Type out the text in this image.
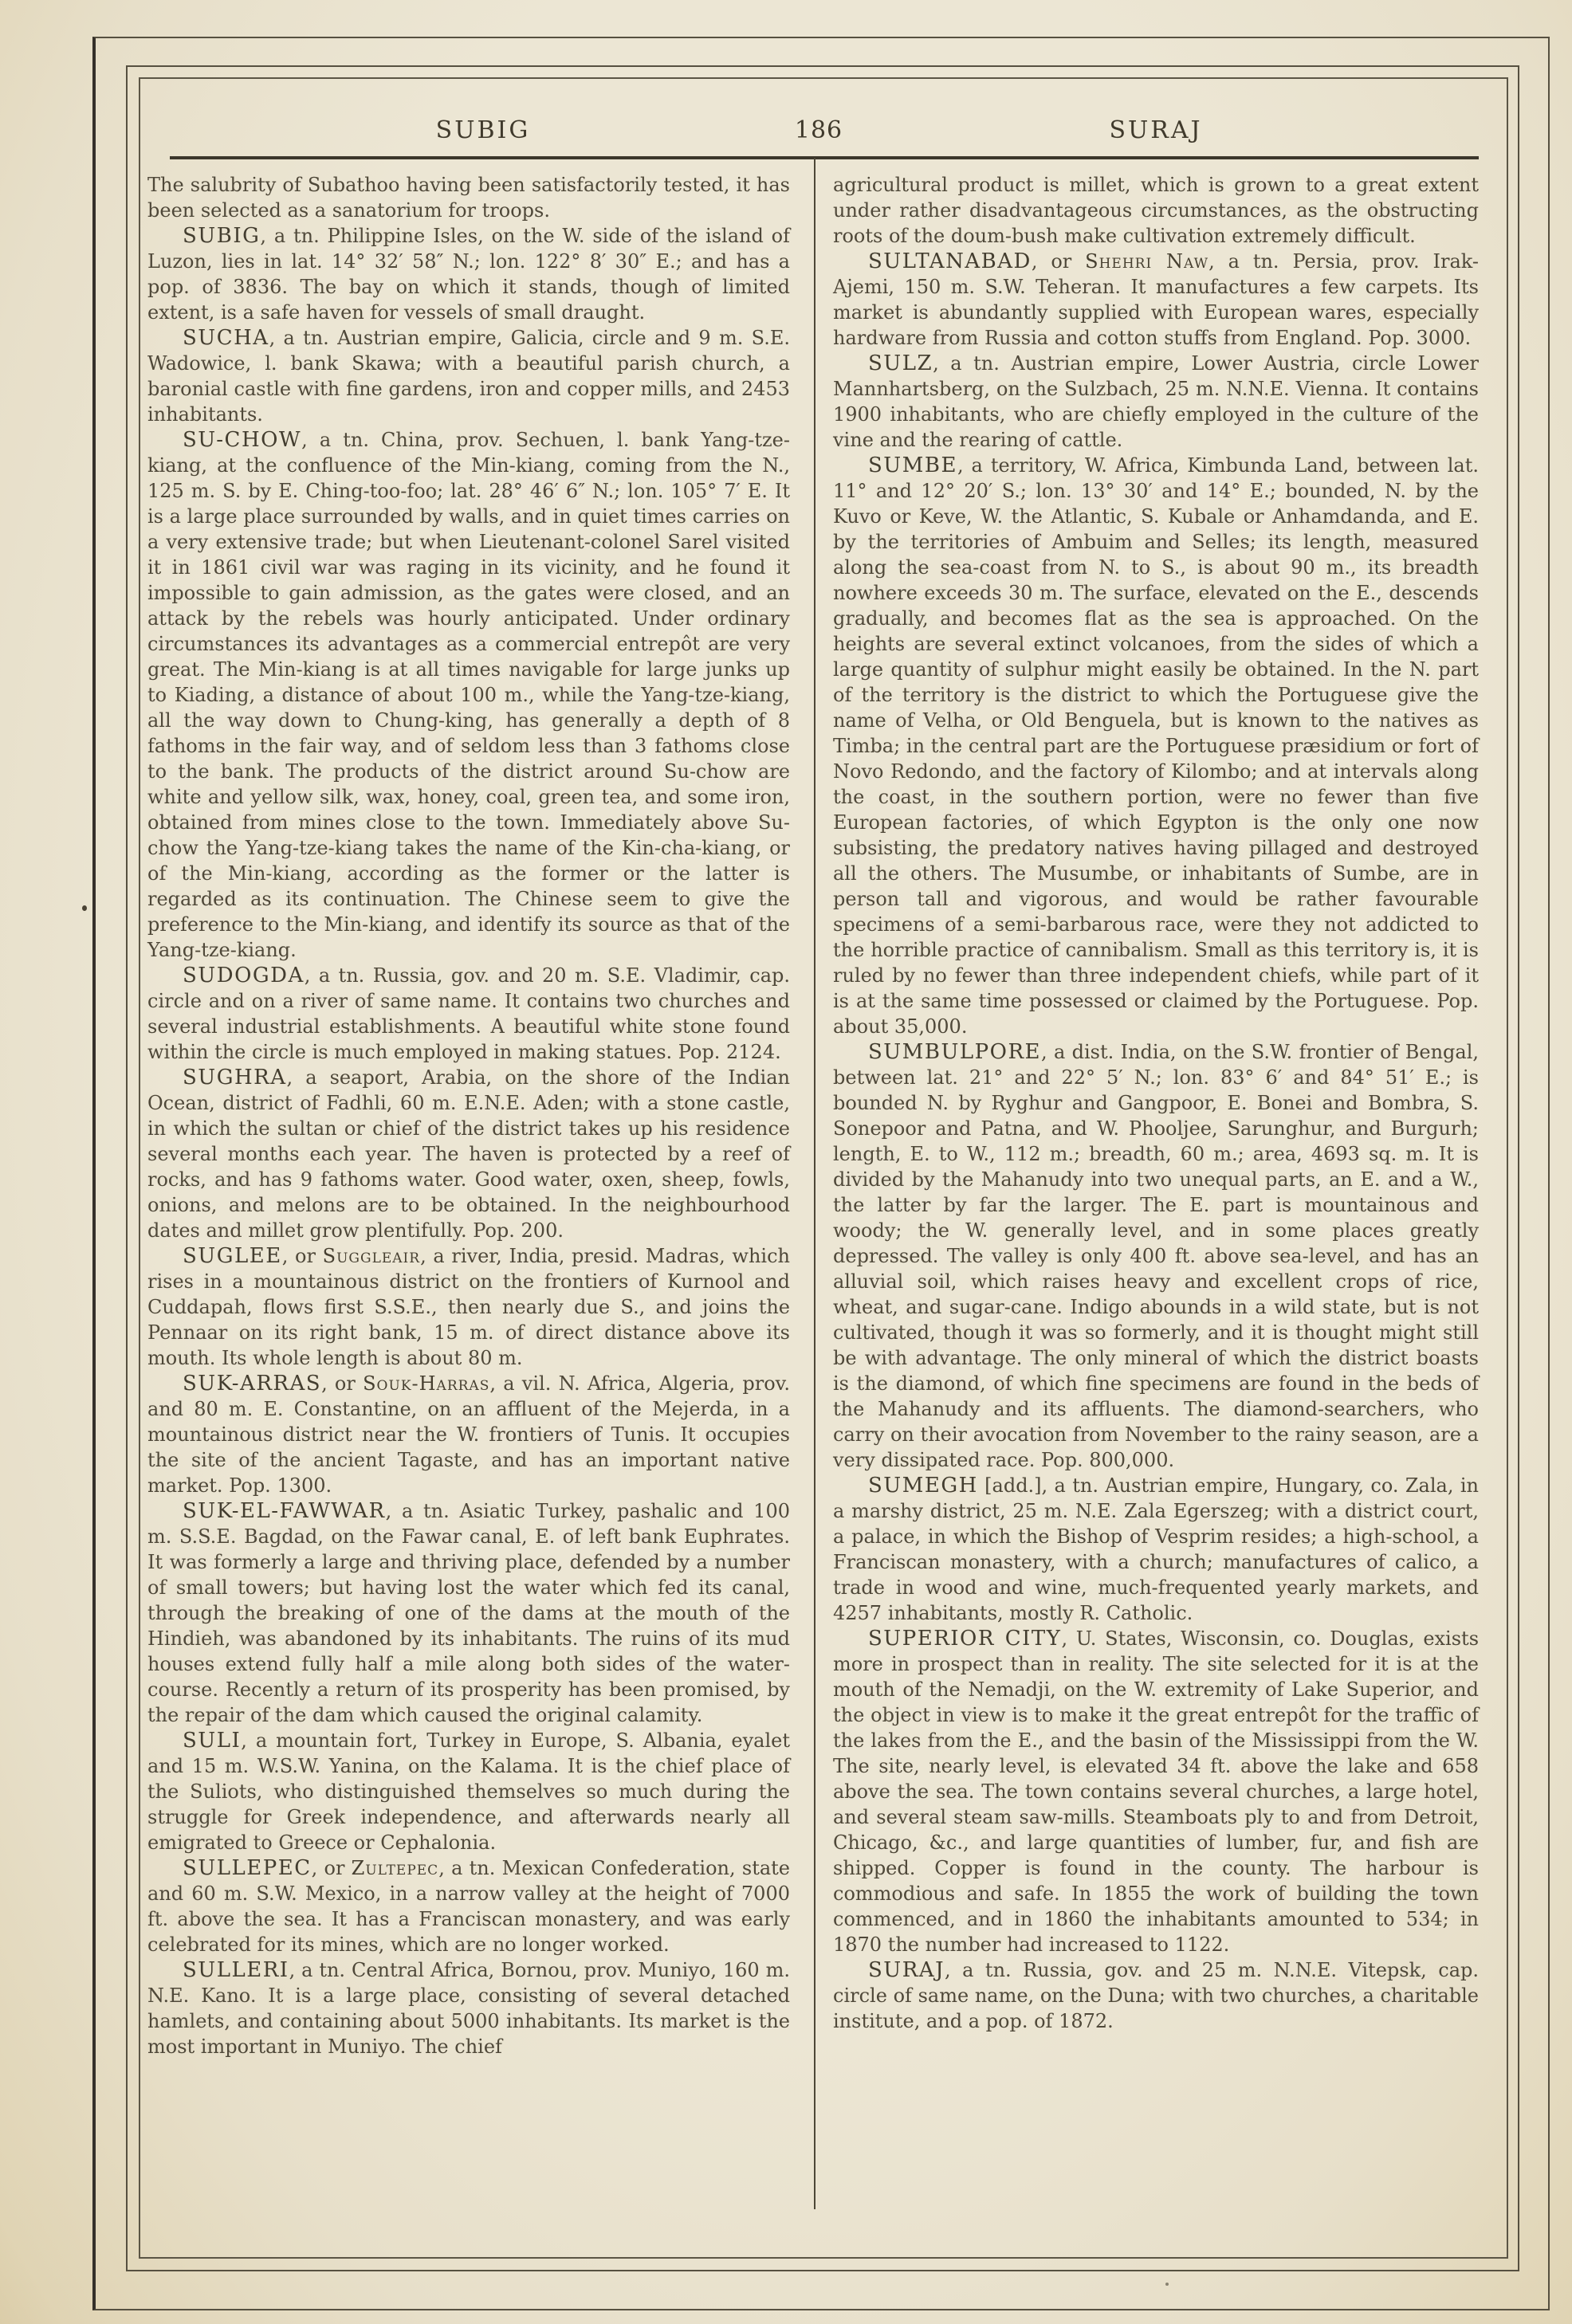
SUBIG	186	SURAJ
The salubrity of Subathoo having been satisfactorily tested, it has been selected as a sanatorium for troops.
SUBIG, a tn. Philippine Isles, on the W. side of the island of Luzon, lies in lat. 14° 32′ 58″ N.; lon. 122° 8′ 30″ E.; and has a pop. of 3836. The bay on which it stands, though of limited extent, is a safe haven for vessels of small draught.
SUCHA, a tn. Austrian empire, Galicia, circle and 9 m. S.E. Wadowice, l. bank Skawa; with a beautiful parish church, a baronial castle with fine gardens, iron and copper mills, and 2453 inhabitants.
SU-CHOW, a tn. China, prov. Sechuen, l. bank Yang-tze-kiang, at the confluence of the Min-kiang, coming from the N., 125 m. S. by E. Ching-too-foo; lat. 28° 46′ 6″ N.; lon. 105° 7′ E. It is a large place surrounded by walls, and in quiet times carries on a very extensive trade; but when Lieutenant-colonel Sarel visited it in 1861 civil war was raging in its vicinity, and he found it impossible to gain admission, as the gates were closed, and an attack by the rebels was hourly anticipated. Under ordinary circumstances its advantages as a commercial entrepôt are very great. The Min-kiang is at all times navigable for large junks up to Kiading, a distance of about 100 m., while the Yang-tze-kiang, all the way down to Chung-king, has generally a depth of 8 fathoms in the fair way, and of seldom less than 3 fathoms close to the bank. The products of the district around Su-chow are white and yellow silk, wax, honey, coal, green tea, and some iron, obtained from mines close to the town. Immediately above Su-chow the Yang-tze-kiang takes the name of the Kin-cha-kiang, or of the Min-kiang, according as the former or the latter is regarded as its continuation. The Chinese seem to give the preference to the Min-kiang, and identify its source as that of the Yang-tze-kiang.
SUDOGDA, a tn. Russia, gov. and 20 m. S.E. Vladimir, cap. circle and on a river of same name. It contains two churches and several industrial establishments. A beautiful white stone found within the circle is much employed in making statues. Pop. 2124.
SUGHRA, a seaport, Arabia, on the shore of the Indian Ocean, district of Fadhli, 60 m. E.N.E. Aden; with a stone castle, in which the sultan or chief of the district takes up his residence several months each year. The haven is protected by a reef of rocks, and has 9 fathoms water. Good water, oxen, sheep, fowls, onions, and melons are to be obtained. In the neighbourhood dates and millet grow plentifully. Pop. 200.
SUGLEE, or Suggleair, a river, India, presid. Madras, which rises in a mountainous district on the frontiers of Kurnool and Cuddapah, flows first S.S.E., then nearly due S., and joins the Pennaar on its right bank, 15 m. of direct distance above its mouth. Its whole length is about 80 m.
SUK-ARRAS, or Souk-Harras, a vil. N. Africa, Algeria, prov. and 80 m. E. Constantine, on an affluent of the Mejerda, in a mountainous district near the W. frontiers of Tunis. It occupies the site of the ancient Tagaste, and has an important native market. Pop. 1300.
SUK-EL-FAWWAR, a tn. Asiatic Turkey, pashalic and 100 m. S.S.E. Bagdad, on the Fawar canal, E. of left bank Euphrates. It was formerly a large and thriving place, defended by a number of small towers; but having lost the water which fed its canal, through the breaking of one of the dams at the mouth of the Hindieh, was abandoned by its inhabitants. The ruins of its mud houses extend fully half a mile along both sides of the water-course. Recently a return of its prosperity has been promised, by the repair of the dam which caused the original calamity.
SULI, a mountain fort, Turkey in Europe, S. Albania, eyalet and 15 m. W.S.W. Yanina, on the Kalama. It is the chief place of the Suliots, who distinguished themselves so much during the struggle for Greek independence, and afterwards nearly all emigrated to Greece or Cephalonia.
SULLEPEC, or Zultepec, a tn. Mexican Confederation, state and 60 m. S.W. Mexico, in a narrow valley at the height of 7000 ft. above the sea. It has a Franciscan monastery, and was early celebrated for its mines, which are no longer worked.
SULLERI, a tn. Central Africa, Bornou, prov. Muniyo, 160 m. N.E. Kano. It is a large place, consisting of several detached hamlets, and containing about 5000 inhabitants. Its market is the most important in Muniyo. The chief
agricultural product is millet, which is grown to a great extent under rather disadvantageous circumstances, as the obstructing roots of the doum-bush make cultivation extremely difficult.
SULTANABAD, or Shehri Naw, a tn. Persia, prov. Irak-Ajemi, 150 m. S.W. Teheran. It manufactures a few carpets. Its market is abundantly supplied with European wares, especially hardware from Russia and cotton stuffs from England. Pop. 3000.
SULZ, a tn. Austrian empire, Lower Austria, circle Lower Mannhartsberg, on the Sulzbach, 25 m. N.N.E. Vienna. It contains 1900 inhabitants, who are chiefly employed in the culture of the vine and the rearing of cattle.
SUMBE, a territory, W. Africa, Kimbunda Land, between lat. 11° and 12° 20′ S.; lon. 13° 30′ and 14° E.; bounded, N. by the Kuvo or Keve, W. the Atlantic, S. Kubale or Anhamdanda, and E. by the territories of Ambuim and Selles; its length, measured along the sea-coast from N. to S., is about 90 m., its breadth nowhere exceeds 30 m. The surface, elevated on the E., descends gradually, and becomes flat as the sea is approached. On the heights are several extinct volcanoes, from the sides of which a large quantity of sulphur might easily be obtained. In the N. part of the territory is the district to which the Portuguese give the name of Velha, or Old Benguela, but is known to the natives as Timba; in the central part are the Portuguese præsidium or fort of Novo Redondo, and the factory of Kilombo; and at intervals along the coast, in the southern portion, were no fewer than five European factories, of which Egypton is the only one now subsisting, the predatory natives having pillaged and destroyed all the others. The Musumbe, or inhabitants of Sumbe, are in person tall and vigorous, and would be rather favourable specimens of a semi-barbarous race, were they not addicted to the horrible practice of cannibalism. Small as this territory is, it is ruled by no fewer than three independent chiefs, while part of it is at the same time possessed or claimed by the Portuguese. Pop. about 35,000.
SUMBULPORE, a dist. India, on the S.W. frontier of Bengal, between lat. 21° and 22° 5′ N.; lon. 83° 6′ and 84° 51′ E.; is bounded N. by Ryghur and Gangpoor, E. Bonei and Bombra, S. Sonepoor and Patna, and W. Phooljee, Sarunghur, and Burgurh; length, E. to W., 112 m.; breadth, 60 m.; area, 4693 sq. m. It is divided by the Mahanudy into two unequal parts, an E. and a W., the latter by far the larger. The E. part is mountainous and woody; the W. generally level, and in some places greatly depressed. The valley is only 400 ft. above sea-level, and has an alluvial soil, which raises heavy and excellent crops of rice, wheat, and sugar-cane. Indigo abounds in a wild state, but is not cultivated, though it was so formerly, and it is thought might still be with advantage. The only mineral of which the district boasts is the diamond, of which fine specimens are found in the beds of the Mahanudy and its affluents. The diamond-searchers, who carry on their avocation from November to the rainy season, are a very dissipated race. Pop. 800,000.
SUMEGH [add.], a tn. Austrian empire, Hungary, co. Zala, in a marshy district, 25 m. N.E. Zala Egerszeg; with a district court, a palace, in which the Bishop of Vesprim resides; a high-school, a Franciscan monastery, with a church; manufactures of calico, a trade in wood and wine, much-frequented yearly markets, and 4257 inhabitants, mostly R. Catholic.
SUPERIOR CITY, U. States, Wisconsin, co. Douglas, exists more in prospect than in reality. The site selected for it is at the mouth of the Nemadji, on the W. extremity of Lake Superior, and the object in view is to make it the great entrepôt for the traffic of the lakes from the E., and the basin of the Mississippi from the W. The site, nearly level, is elevated 34 ft. above the lake and 658 above the sea. The town contains several churches, a large hotel, and several steam saw-mills. Steamboats ply to and from Detroit, Chicago, &c., and large quantities of lumber, fur, and fish are shipped. Copper is found in the county. The harbour is commodious and safe. In 1855 the work of building the town commenced, and in 1860 the inhabitants amounted to 534; in 1870 the number had increased to 1122.
SURAJ, a tn. Russia, gov. and 25 m. N.N.E. Vitepsk, cap. circle of same name, on the Duna; with two churches, a charitable institute, and a pop. of 1872.
